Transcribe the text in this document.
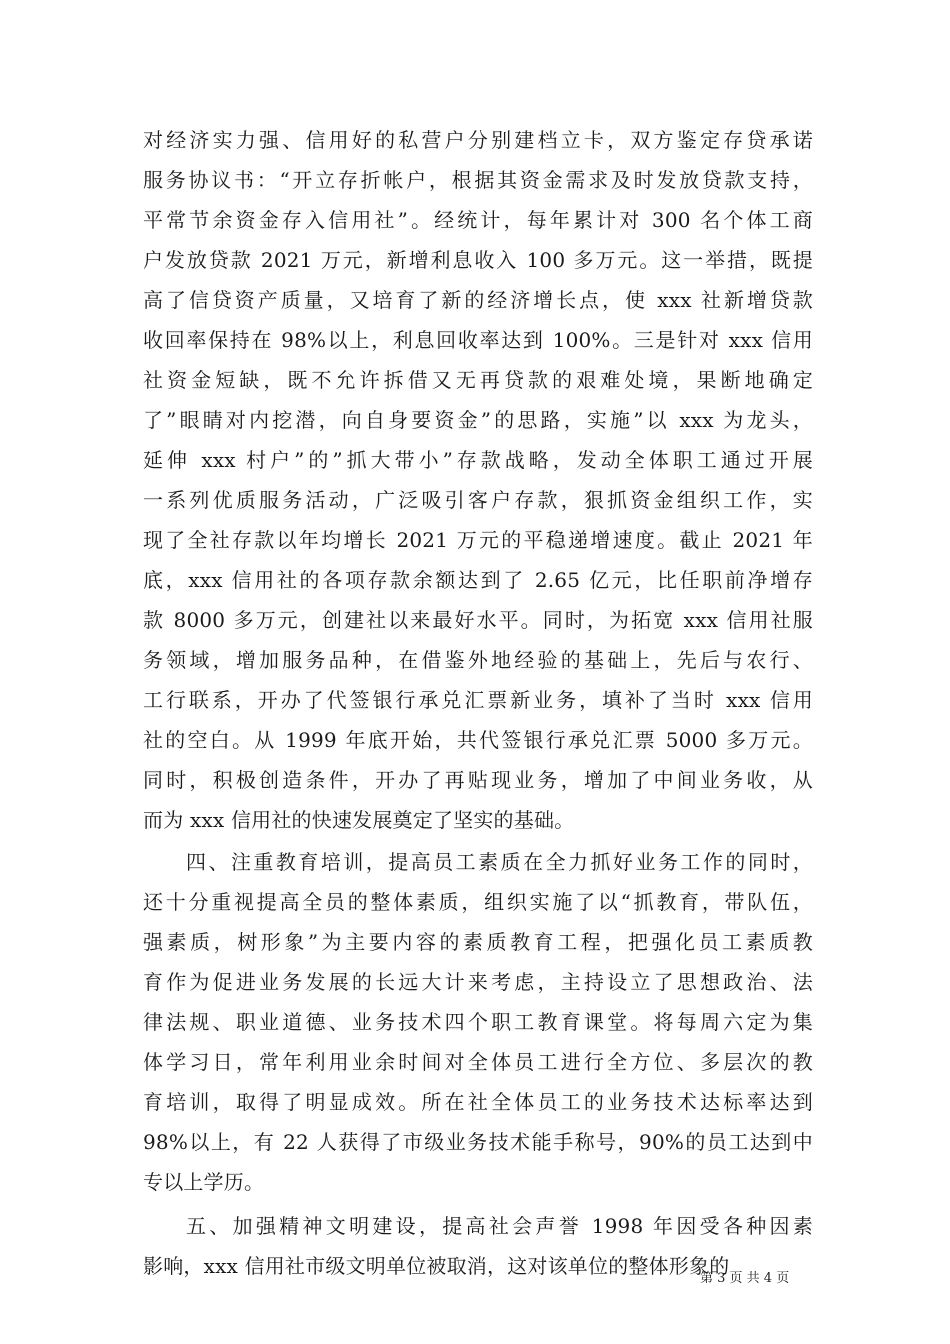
对经济实力强、信用好的私营户分别建档立卡，双方鉴定存贷承诺
服务协议书：“开立存折帐户，根据其资金需求及时发放贷款支持，
平常节余资金存入信用社”。经统计，每年累计对 300 名个体工商
户发放贷款 2021 万元，新增利息收入 100 多万元。这一举措，既提
高了信贷资产质量，又培育了新的经济增长点，使 xxx 社新增贷款
收回率保持在 98%以上，利息回收率达到 100%。三是针对 xxx 信用
社资金短缺，既不允许拆借又无再贷款的艰难处境，果断地确定
了”眼睛对内挖潜，向自身要资金”的思路，实施”以 xxx 为龙头，
延伸 xxx 村户”的”抓大带小”存款战略，发动全体职工通过开展
一系列优质服务活动，广泛吸引客户存款，狠抓资金组织工作，实
现了全社存款以年均增长 2021 万元的平稳递增速度。截止 2021 年
底，xxx 信用社的各项存款余额达到了 2.65 亿元，比任职前净增存
款 8000 多万元，创建社以来最好水平。同时，为拓宽 xxx 信用社服
务领域，增加服务品种，在借鉴外地经验的基础上，先后与农行、
工行联系，开办了代签银行承兑汇票新业务，填补了当时 xxx 信用
社的空白。从 1999 年底开始，共代签银行承兑汇票 5000 多万元。
同时，积极创造条件，开办了再贴现业务，增加了中间业务收，从
而为 xxx 信用社的快速发展奠定了坚实的基础。
四、注重教育培训，提高员工素质在全力抓好业务工作的同时，
还十分重视提高全员的整体素质，组织实施了以“抓教育，带队伍，
强素质，树形象”为主要内容的素质教育工程，把强化员工素质教
育作为促进业务发展的长远大计来考虑，主持设立了思想政治、法
律法规、职业道德、业务技术四个职工教育课堂。将每周六定为集
体学习日，常年利用业余时间对全体员工进行全方位、多层次的教
育培训，取得了明显成效。所在社全体员工的业务技术达标率达到
98%以上，有 22 人获得了市级业务技术能手称号，90%的员工达到中
专以上学历。
五、加强精神文明建设，提高社会声誉 1998 年因受各种因素
影响，xxx 信用社市级文明单位被取消，这对该单位的整体形象的
第 3 页 共 4 页
